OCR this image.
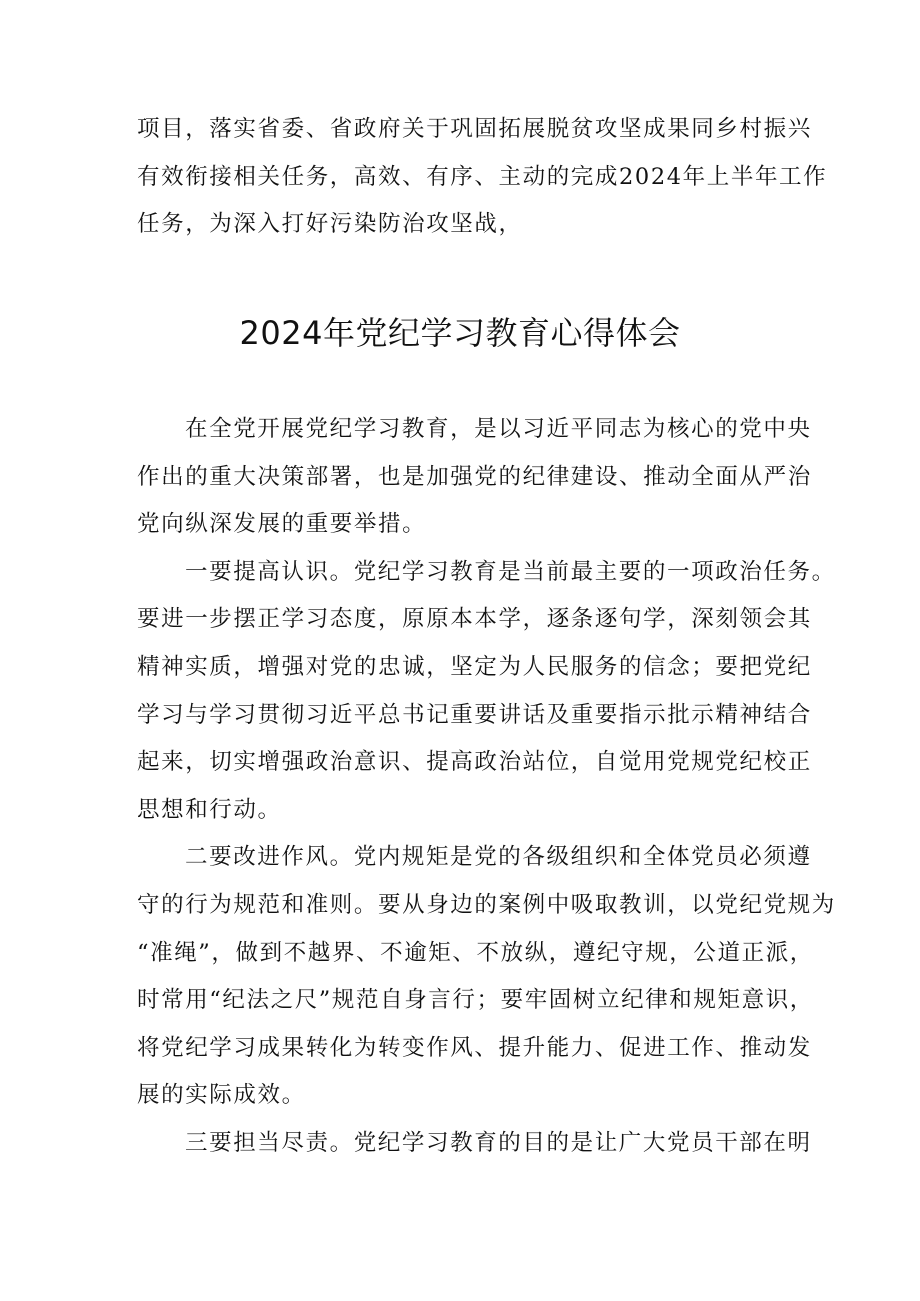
项目，落实省委、省政府关于巩固拓展脱贫攻坚成果同乡村振兴
有效衔接相关任务，高效、有序、主动的完成2024年上半年工作
任务，为深入打好污染防治攻坚战，
2024年党纪学习教育心得体会
在全党开展党纪学习教育，是以习近平同志为核心的党中央
作出的重大决策部署，也是加强党的纪律建设、推动全面从严治
党向纵深发展的重要举措。
一要提高认识。党纪学习教育是当前最主要的一项政治任务。
要进一步摆正学习态度，原原本本学，逐条逐句学，深刻领会其
精神实质，增强对党的忠诚，坚定为人民服务的信念；要把党纪
学习与学习贯彻习近平总书记重要讲话及重要指示批示精神结合
起来，切实增强政治意识、提高政治站位，自觉用党规党纪校正
思想和行动。
二要改进作风。党内规矩是党的各级组织和全体党员必须遵
守的行为规范和准则。要从身边的案例中吸取教训，以党纪党规为
“准绳”，做到不越界、不逾矩、不放纵，遵纪守规，公道正派，
时常用“纪法之尺”规范自身言行；要牢固树立纪律和规矩意识，
将党纪学习成果转化为转变作风、提升能力、促进工作、推动发
展的实际成效。
三要担当尽责。党纪学习教育的目的是让广大党员干部在明
